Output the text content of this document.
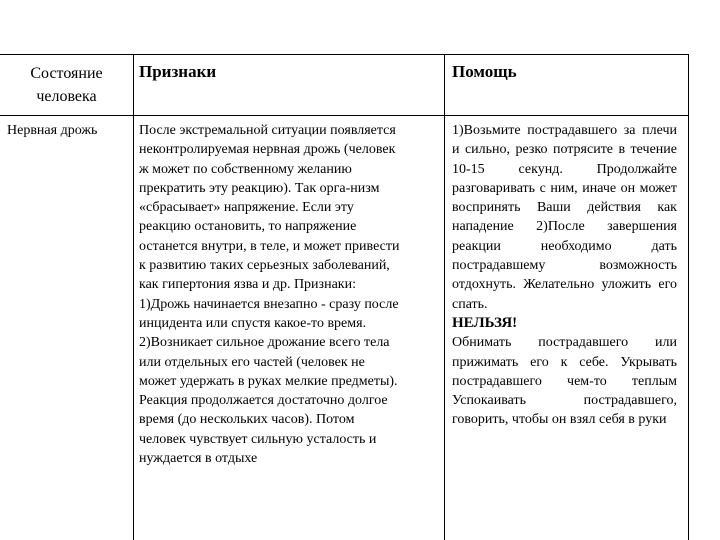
Состояние человека
Признаки	Помощь
Нервная дрожь	После экстремальной ситуации появляется
неконтролируемая нервная дрожь (человек
ж может по собственному желанию
прекратить эту реакцию). Так орга-низм
«сбрасывает» напряжение. Если эту
реакцию остановить, то напряжение
останется внутри, в теле, и может привести
к развитию таких серьезных заболеваний,
как гипертония язва и др. Признаки:
1)Дрожь начинается внезапно - сразу после
инцидента или спустя какое-то время.
2)Возникает сильное дрожание всего тела
или отдельных его частей (человек не
может удержать в руках мелкие предметы).
Реакция продолжается достаточно долгое
время (до нескольких часов). Потом
человек чувствует сильную усталость и
нуждается в отдыхе
1)Возьмите пострадавшего за плечи и сильно, резко потрясите в течение 10-15 секунд. Продолжайте разговаривать с ним, иначе он может воспринять Ваши действия как нападение 2)После завершения реакции необходимо дать пострадавшему возможность отдохнуть. Желательно уложить его спать.
НЕЛЬЗЯ!
Обнимать пострадавшего или прижимать его к себе. Укрывать пострадавшего чем-то теплым Успокаивать пострадавшего, говорить, чтобы он взял себя в руки
